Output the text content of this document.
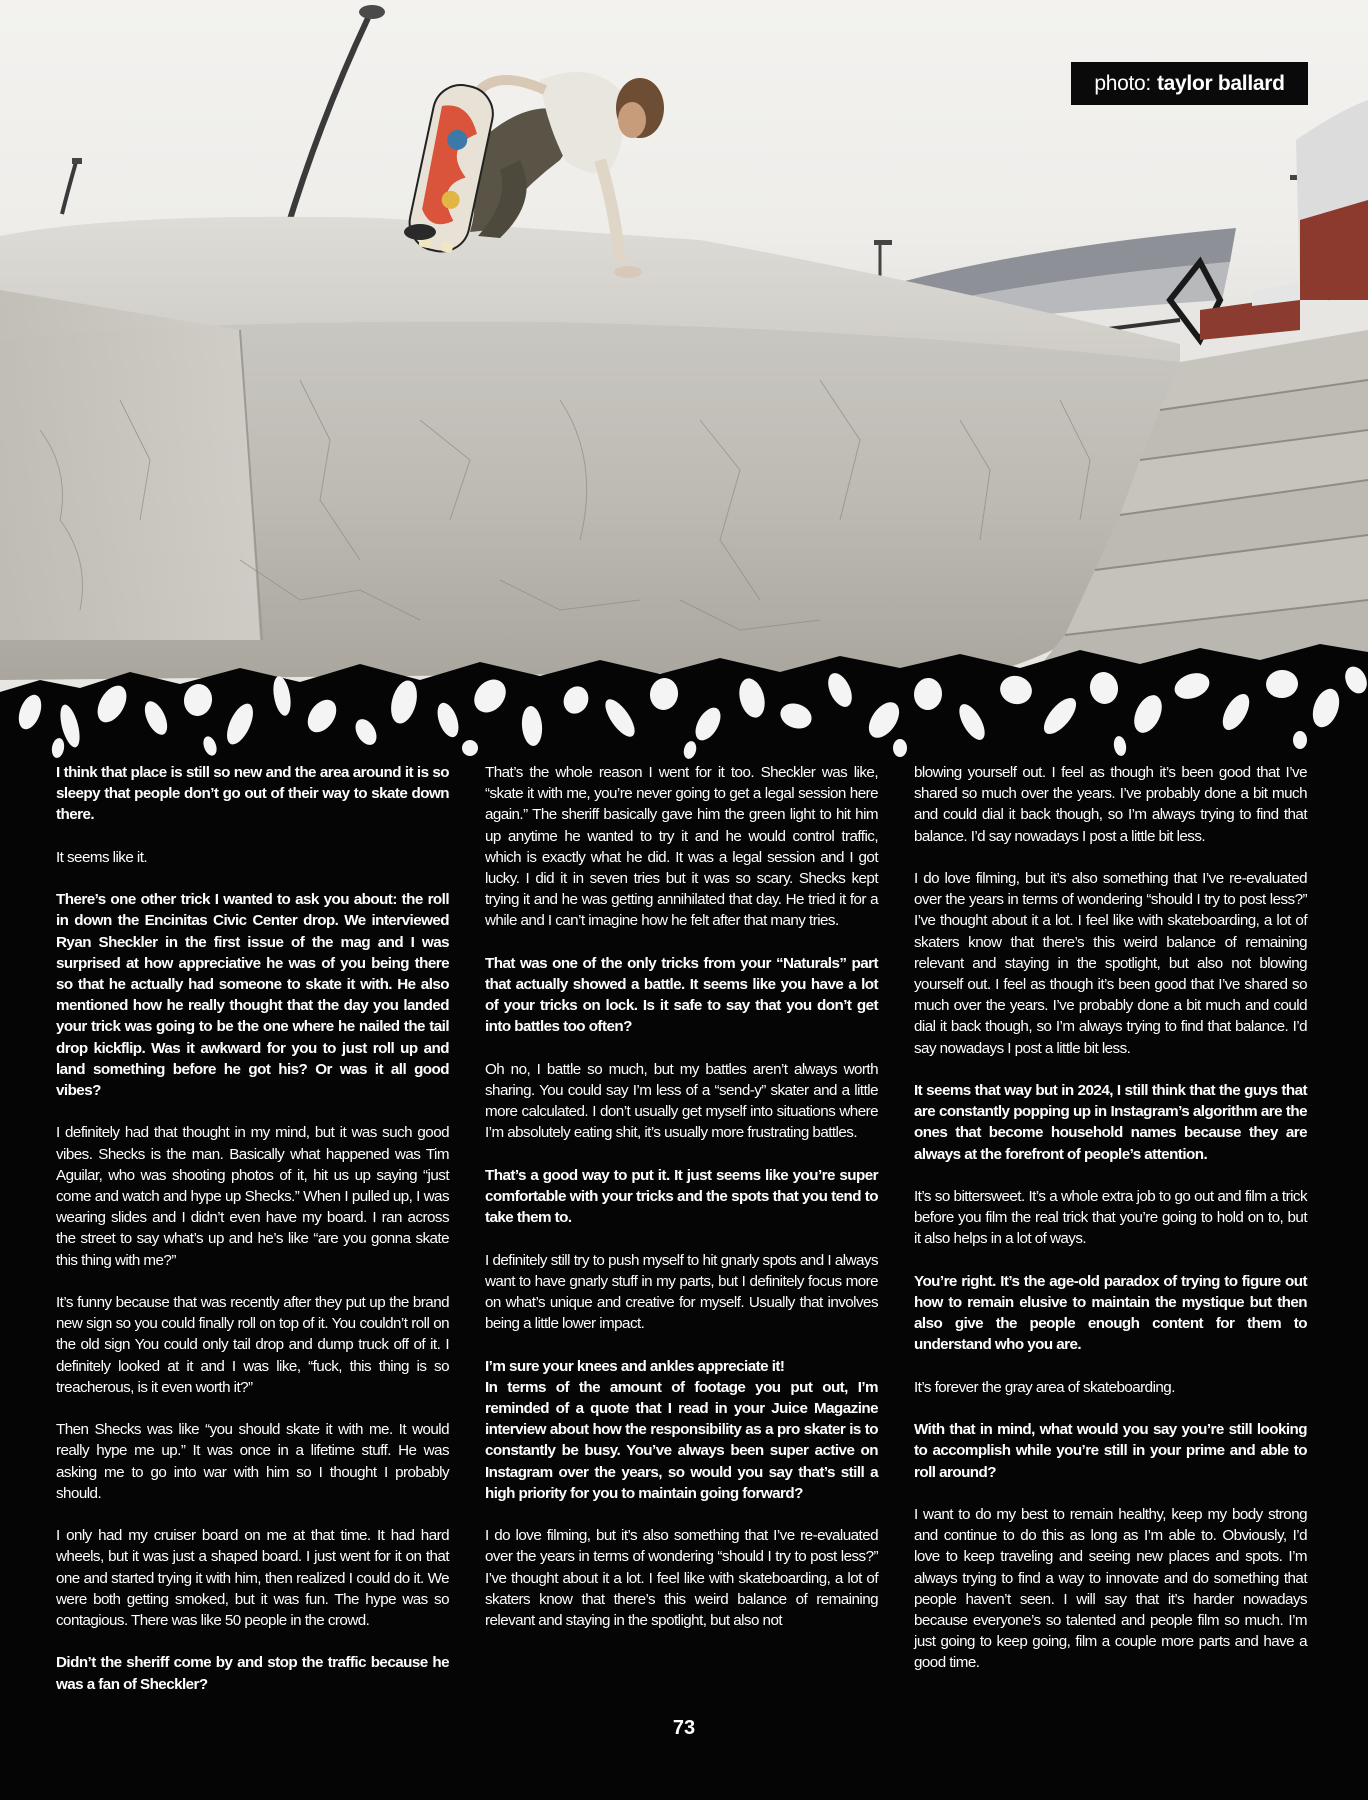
photo: taylor ballard

I think that place is still so new and the area around it is so sleepy that people don’t go out of their way to skate down there.

It seems like it.

There’s one other trick I wanted to ask you about: the roll in down the Encinitas Civic Center drop. We interviewed Ryan Sheckler in the first issue of the mag and I was surprised at how appreciative he was of you being there so that he actually had someone to skate it with. He also mentioned how he really thought that the day you landed your trick was going to be the one where he nailed the tail drop kickflip. Was it awkward for you to just roll up and land something before he got his? Or was it all good vibes?

I definitely had that thought in my mind, but it was such good vibes. Shecks is the man. Basically what happened was Tim Aguilar, who was shooting photos of it, hit us up saying “just come and watch and hype up Shecks.” When I pulled up, I was wearing slides and I didn’t even have my board. I ran across the street to say what’s up and he’s like “are you gonna skate this thing with me?”

It’s funny because that was recently after they put up the brand new sign so you could finally roll on top of it. You couldn’t roll on the old sign You could only tail drop and dump truck off of it. I definitely looked at it and I was like, “fuck, this thing is so treacherous, is it even worth it?”

Then Shecks was like “you should skate it with me. It would really hype me up.” It was once in a lifetime stuff. He was asking me to go into war with him so I thought I probably should.

I only had my cruiser board on me at that time. It had hard wheels, but it was just a shaped board. I just went for it on that one and started trying it with him, then realized I could do it. We were both getting smoked, but it was fun. The hype was so contagious. There was like 50 people in the crowd.

Didn’t the sheriff come by and stop the traffic because he was a fan of Sheckler?

That’s the whole reason I went for it too. Sheckler was like, “skate it with me, you’re never going to get a legal session here again.” The sheriff basically gave him the green light to hit him up anytime he wanted to try it and he would control traffic, which is exactly what he did. It was a legal session and I got lucky. I did it in seven tries but it was so scary. Shecks kept trying it and he was getting annihilated that day. He tried it for a while and I can’t imagine how he felt after that many tries.

That was one of the only tricks from your “Naturals” part that actually showed a battle. It seems like you have a lot of your tricks on lock. Is it safe to say that you don’t get into battles too often?

Oh no, I battle so much, but my battles aren’t always worth sharing. You could say I’m less of a “send-y” skater and a little more calculated. I don’t usually get myself into situations where I’m absolutely eating shit, it’s usually more frustrating battles.

That’s a good way to put it. It just seems like you’re super comfortable with your tricks and the spots that you tend to take them to.

I definitely still try to push myself to hit gnarly spots and I always want to have gnarly stuff in my parts, but I definitely focus more on what’s unique and creative for myself. Usually that involves being a little lower impact.

I’m sure your knees and ankles appreciate it!

In terms of the amount of footage you put out, I’m reminded of a quote that I read in your Juice Magazine interview about how the responsibility as a pro skater is to constantly be busy. You’ve always been super active on Instagram over the years, so would you say that’s still a high priority for you to maintain going forward?

I do love filming, but it’s also something that I’ve re-evaluated over the years in terms of wondering “should I try to post less?” I’ve thought about it a lot. I feel like with skateboarding, a lot of skaters know that there’s this weird balance of remaining relevant and staying in the spotlight, but also not

blowing yourself out. I feel as though it’s been good that I’ve shared so much over the years. I’ve probably done a bit much and could dial it back though, so I’m always trying to find that balance. I’d say nowadays I post a little bit less.

I do love filming, but it’s also something that I’ve re-evaluated over the years in terms of wondering “should I try to post less?” I’ve thought about it a lot. I feel like with skateboarding, a lot of skaters know that there’s this weird balance of remaining relevant and staying in the spotlight, but also not blowing yourself out. I feel as though it’s been good that I’ve shared so much over the years. I’ve probably done a bit much and could dial it back though, so I’m always trying to find that balance. I’d say nowadays I post a little bit less.

It seems that way but in 2024, I still think that the guys that are constantly popping up in Instagram’s algorithm are the ones that become household names because they are always at the forefront of people’s attention.

It’s so bittersweet. It’s a whole extra job to go out and film a trick before you film the real trick that you’re going to hold on to, but it also helps in a lot of ways.

You’re right. It’s the age-old paradox of trying to figure out how to remain elusive to maintain the mystique but then also give the people enough content for them to understand who you are.

It’s forever the gray area of skateboarding.

With that in mind, what would you say you’re still looking to accomplish while you’re still in your prime and able to roll around?

I want to do my best to remain healthy, keep my body strong and continue to do this as long as I’m able to. Obviously, I’d love to keep traveling and seeing new places and spots. I’m always trying to find a way to innovate and do something that people haven’t seen. I will say that it’s harder nowadays because everyone’s so talented and people film so much. I’m just going to keep going, film a couple more parts and have a good time.

73
